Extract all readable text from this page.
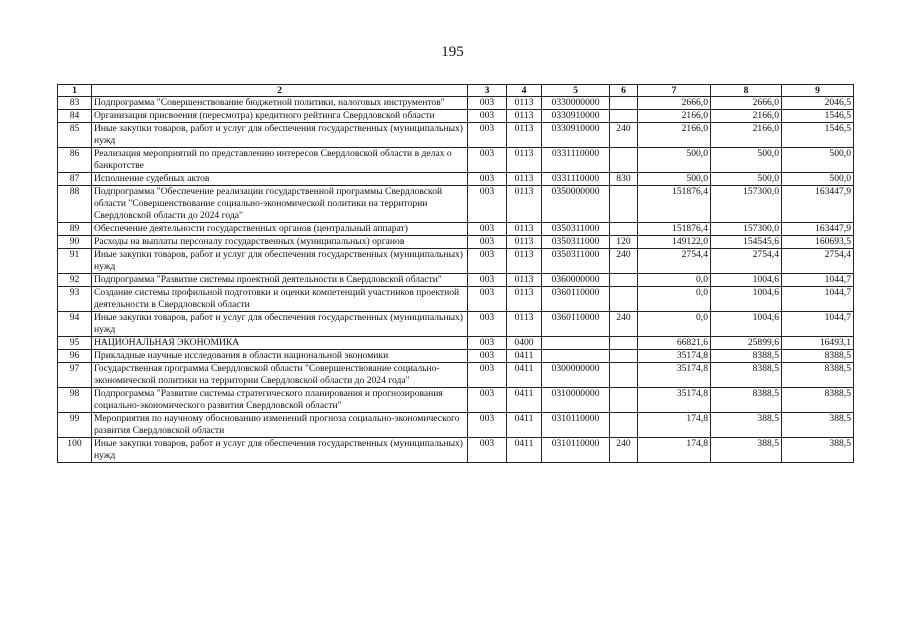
195
1	2	3	4	5	6	7	8	9
83	Подпрограмма "Совершенствование бюджетной политики, налоговых инструментов"	003	0113	0330000000		2666,0	2666,0	2046,5
84	Организация присвоения (пересмотра) кредитного рейтинга Свердловской области	003	0113	0330910000		2166,0	2166,0	1546,5
85	Иные закупки товаров, работ и услуг для обеспечения государственных (муниципальных) нужд	003	0113	0330910000	240	2166,0	2166,0	1546,5
86	Реализация мероприятий по представлению интересов Свердловской области в делах о банкротстве	003	0113	0331110000		500,0	500,0	500,0
87	Исполнение судебных актов	003	0113	0331110000	830	500,0	500,0	500,0
88	Подпрограмма "Обеспечение реализации государственной программы Свердловской области "Совершенствование социально-экономической политики на территории Свердловской области до 2024 года"	003	0113	0350000000		151876,4	157300,0	163447,9
89	Обеспечение деятельности государственных органов (центральный аппарат)	003	0113	0350311000		151876,4	157300,0	163447,9
90	Расходы на выплаты персоналу государственных (муниципальных) органов	003	0113	0350311000	120	149122,0	154545,6	160693,5
91	Иные закупки товаров, работ и услуг для обеспечения государственных (муниципальных) нужд	003	0113	0350311000	240	2754,4	2754,4	2754,4
92	Подпрограмма "Развитие системы проектной деятельности в Свердловской области"	003	0113	0360000000		0,0	1004,6	1044,7
93	Создание системы профильной подготовки и оценки компетенций участников проектной деятельности в Свердловской области	003	0113	0360110000		0,0	1004,6	1044,7
94	Иные закупки товаров, работ и услуг для обеспечения государственных (муниципальных) нужд	003	0113	0360110000	240	0,0	1004,6	1044,7
95	НАЦИОНАЛЬНАЯ ЭКОНОМИКА	003	0400			66821,6	25899,6	16493,1
96	Прикладные научные исследования в области национальной экономики	003	0411			35174,8	8388,5	8388,5
97	Государственная программа Свердловской области "Совершенствование социально-экономической политики на территории Свердловской области до 2024 года"	003	0411	0300000000		35174,8	8388,5	8388,5
98	Подпрограмма "Развитие системы стратегического планирования и прогнозирования социально-экономического развития Свердловской области"	003	0411	0310000000		35174,8	8388,5	8388,5
99	Мероприятия по научному обоснованию изменений прогноза социально-экономического развития Свердловской области	003	0411	0310110000		174,8	388,5	388,5
100	Иные закупки товаров, работ и услуг для обеспечения государственных (муниципальных) нужд	003	0411	0310110000	240	174,8	388,5	388,5
